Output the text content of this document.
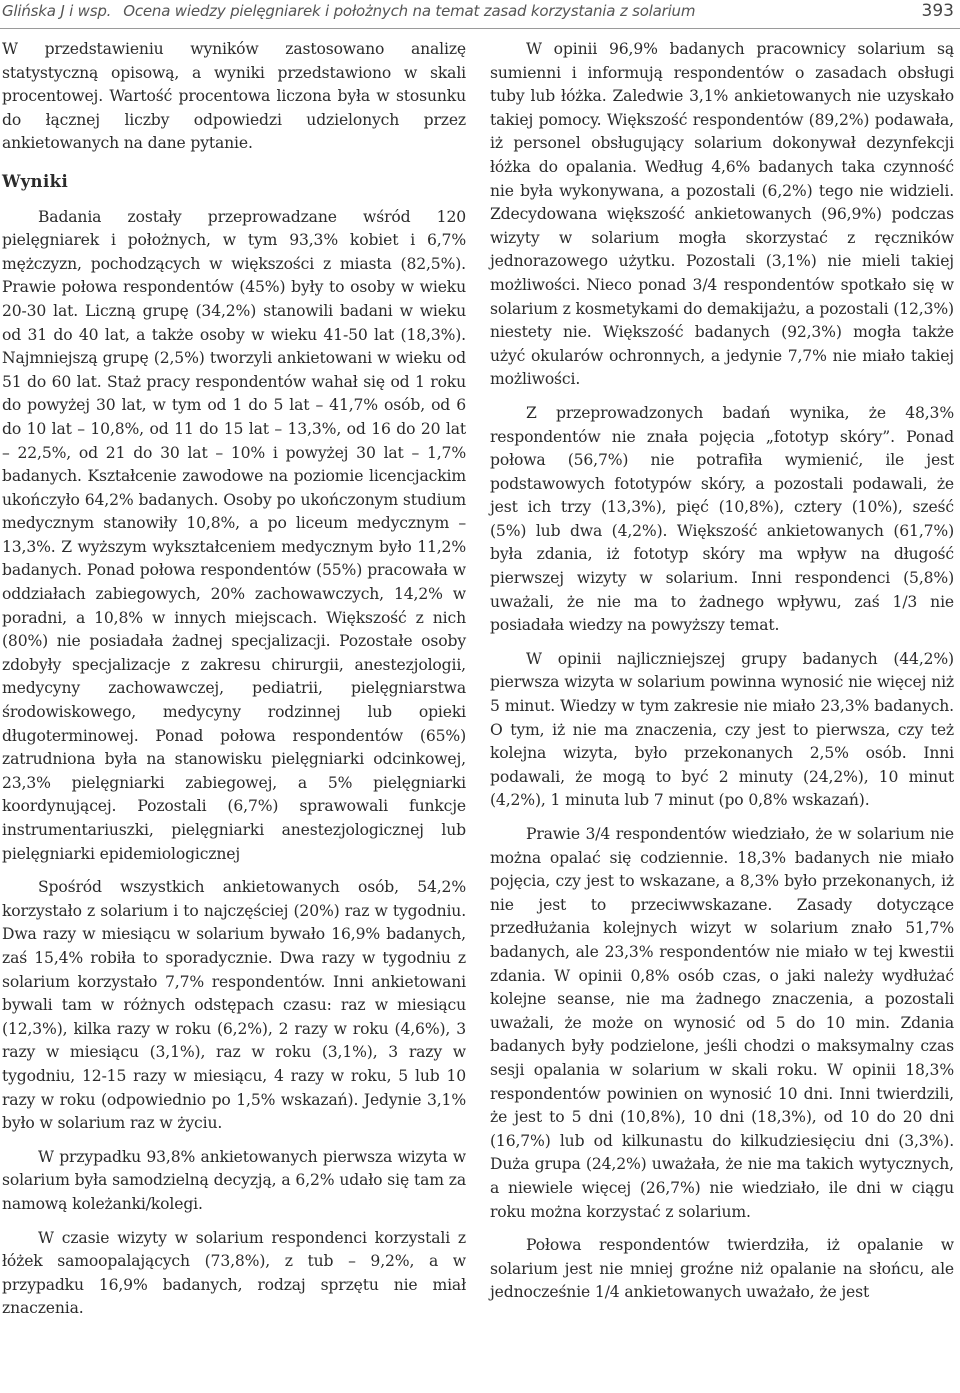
Glińska J i wsp. Ocena wiedzy pielęgniarek i położnych na temat zasad korzystania z solarium	393

W przedstawieniu wyników zastosowano analizę statystyczną opisową, a wyniki przedstawiono w skali procentowej. Wartość procentowa liczona była w stosunku do łącznej liczby odpowiedzi udzielonych przez ankietowanych na dane pytanie.

Wyniki

Badania zostały przeprowadzane wśród 120 pielęgniarek i położnych, w tym 93,3% kobiet i 6,7% mężczyzn, pochodzących w większości z miasta (82,5%). Prawie połowa respondentów (45%) były to osoby w wieku 20-30 lat. Liczną grupę (34,2%) stanowili badani w wieku od 31 do 40 lat, a także osoby w wieku 41-50 lat (18,3%). Najmniejszą grupę (2,5%) tworzyli ankietowani w wieku od 51 do 60 lat. Staż pracy respondentów wahał się od 1 roku do powyżej 30 lat, w tym od 1 do 5 lat – 41,7% osób, od 6 do 10 lat – 10,8%, od 11 do 15 lat – 13,3%, od 16 do 20 lat – 22,5%, od 21 do 30 lat – 10% i powyżej 30 lat – 1,7% badanych. Kształcenie zawodowe na poziomie licencjackim ukończyło 64,2% badanych. Osoby po ukończonym studium medycznym stanowiły 10,8%, a po liceum medycznym – 13,3%. Z wyższym wykształceniem medycznym było 11,2% badanych. Ponad połowa respondentów (55%) pracowała w oddziałach zabiegowych, 20% zachowawczych, 14,2% w poradni, a 10,8% w innych miejscach. Większość z nich (80%) nie posiadała żadnej specjalizacji. Pozostałe osoby zdobyły specjalizacje z zakresu chirurgii, anestezjologii, medycyny zachowawczej, pediatrii, pielęgniarstwa środowiskowego, medycyny rodzinnej lub opieki długoterminowej. Ponad połowa respondentów (65%) zatrudniona była na stanowisku pielęgniarki odcinkowej, 23,3% pielęgniarki zabiegowej, a 5% pielęgniarki koordynującej. Pozostali (6,7%) sprawowali funkcje instrumentariuszki, pielęgniarki anestezjologicznej lub pielęgniarki epidemiologicznej

Spośród wszystkich ankietowanych osób, 54,2% korzystało z solarium i to najczęściej (20%) raz w tygodniu. Dwa razy w miesiącu w solarium bywało 16,9% badanych, zaś 15,4% robiła to sporadycznie. Dwa razy w tygodniu z solarium korzystało 7,7% respondentów. Inni ankietowani bywali tam w różnych odstępach czasu: raz w miesiącu (12,3%), kilka razy w roku (6,2%), 2 razy w roku (4,6%), 3 razy w miesiącu (3,1%), raz w roku (3,1%), 3 razy w tygodniu, 12-15 razy w miesiącu, 4 razy w roku, 5 lub 10 razy w roku (odpowiednio po 1,5% wskazań). Jedynie 3,1% było w solarium raz w życiu.

W przypadku 93,8% ankietowanych pierwsza wizyta w solarium była samodzielną decyzją, a 6,2% udało się tam za namową koleżanki/kolegi.

W czasie wizyty w solarium respondenci korzystali z łóżek samoopalających (73,8%), z tub – 9,2%, a w przypadku 16,9% badanych, rodzaj sprzętu nie miał znaczenia.

W opinii 96,9% badanych pracownicy solarium są sumienni i informują respondentów o zasadach obsługi tuby lub łóżka. Zaledwie 3,1% ankietowanych nie uzyskało takiej pomocy. Większość respondentów (89,2%) podawała, iż personel obsługujący solarium dokonywał dezynfekcji łóżka do opalania. Według 4,6% badanych taka czynność nie była wykonywana, a pozostali (6,2%) tego nie widzieli. Zdecydowana większość ankietowanych (96,9%) podczas wizyty w solarium mogła skorzystać z ręczników jednorazowego użytku. Pozostali (3,1%) nie mieli takiej możliwości. Nieco ponad 3/4 respondentów spotkało się w solarium z kosmetykami do demakijażu, a pozostali (12,3%) niestety nie. Większość badanych (92,3%) mogła także użyć okularów ochronnych, a jedynie 7,7% nie miało takiej możliwości.

Z przeprowadzonych badań wynika, że 48,3% respondentów nie znała pojęcia „fototyp skóry”. Ponad połowa (56,7%) nie potrafiła wymienić, ile jest podstawowych fototypów skóry, a pozostali podawali, że jest ich trzy (13,3%), pięć (10,8%), cztery (10%), sześć (5%) lub dwa (4,2%). Większość ankietowanych (61,7%) była zdania, iż fototyp skóry ma wpływ na długość pierwszej wizyty w solarium. Inni respondenci (5,8%) uważali, że nie ma to żadnego wpływu, zaś 1/3 nie posiadała wiedzy na powyższy temat.

W opinii najliczniejszej grupy badanych (44,2%) pierwsza wizyta w solarium powinna wynosić nie więcej niż 5 minut. Wiedzy w tym zakresie nie miało 23,3% badanych. O tym, iż nie ma znaczenia, czy jest to pierwsza, czy też kolejna wizyta, było przekonanych 2,5% osób. Inni podawali, że mogą to być 2 minuty (24,2%), 10 minut (4,2%), 1 minuta lub 7 minut (po 0,8% wskazań).

Prawie 3/4 respondentów wiedziało, że w solarium nie można opalać się codziennie. 18,3% badanych nie miało pojęcia, czy jest to wskazane, a 8,3% było przekonanych, iż nie jest to przeciwwskazane. Zasady dotyczące przedłużania kolejnych wizyt w solarium znało 51,7% badanych, ale 23,3% respondentów nie miało w tej kwestii zdania. W opinii 0,8% osób czas, o jaki należy wydłużać kolejne seanse, nie ma żadnego znaczenia, a pozostali uważali, że może on wynosić od 5 do 10 min. Zdania badanych były podzielone, jeśli chodzi o maksymalny czas sesji opalania w solarium w skali roku. W opinii 18,3% respondentów powinien on wynosić 10 dni. Inni twierdzili, że jest to 5 dni (10,8%), 10 dni (18,3%), od 10 do 20 dni (16,7%) lub od kilkunastu do kilkudziesięciu dni (3,3%). Duża grupa (24,2%) uważała, że nie ma takich wytycznych, a niewiele więcej (26,7%) nie wiedziało, ile dni w ciągu roku można korzystać z solarium.

Połowa respondentów twierdziła, iż opalanie w solarium jest nie mniej groźne niż opalanie na słońcu, ale jednocześnie 1/4 ankietowanych uważało, że jest
